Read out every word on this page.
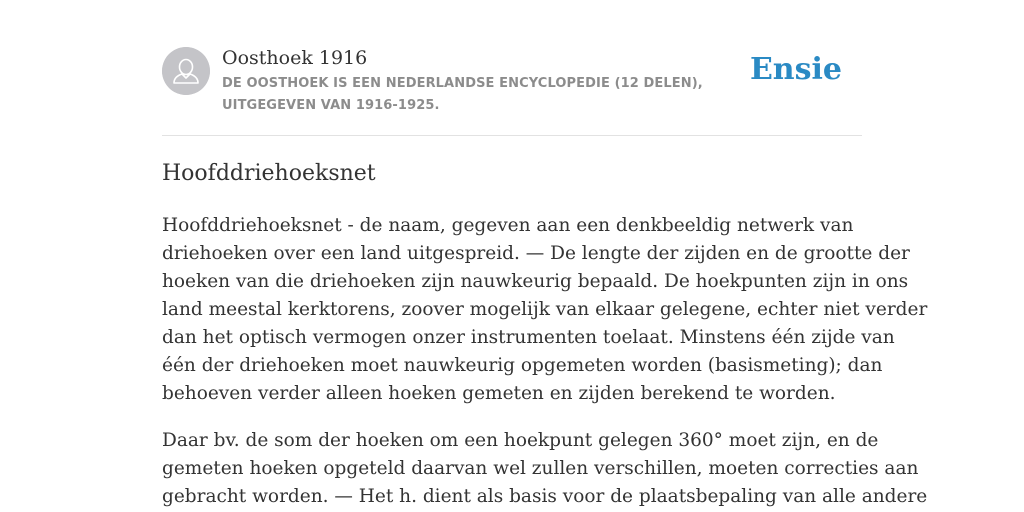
Oosthoek 1916
DE OOSTHOEK IS EEN NEDERLANDSE ENCYCLOPEDIE (12 DELEN), UITGEGEVEN VAN 1916-1925.
Ensie
Hoofddriehoeksnet

Hoofddriehoeksnet - de naam, gegeven aan een denkbeeldig netwerk van
driehoeken over een land uitgespreid. — De lengte der zijden en de grootte der
hoeken van die driehoeken zijn nauwkeurig bepaald. De hoekpunten zijn in ons
land meestal kerktorens, zoover mogelijk van elkaar gelegene, echter niet verder
dan het optisch vermogen onzer instrumenten toelaat. Minstens één zijde van
één der driehoeken moet nauwkeurig opgemeten worden (basismeting); dan
behoeven verder alleen hoeken gemeten en zijden berekend te worden.

Daar bv. de som der hoeken om een hoekpunt gelegen 360° moet zijn, en de
gemeten hoeken opgeteld daarvan wel zullen verschillen, moeten correcties aan
gebracht worden. — Het h. dient als basis voor de plaatsbepaling van alle andere
